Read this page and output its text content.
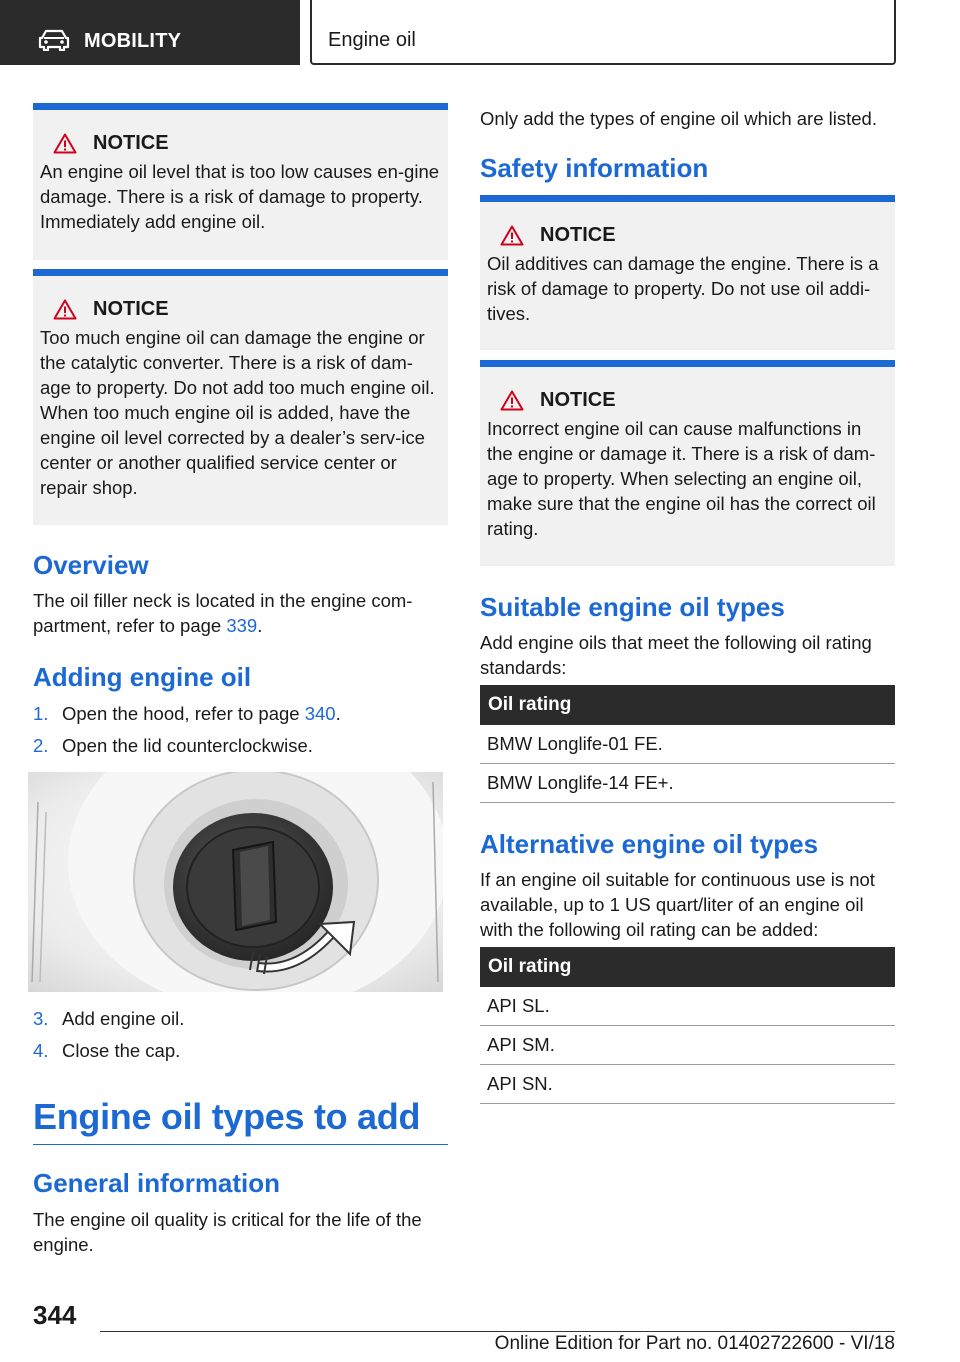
MOBILITY	Engine oil
NOTICE

An engine oil level that is too low causes en‐gine damage. There is a risk of damage to property. Immediately add engine oil.

NOTICE

Too much engine oil can damage the engine or the catalytic converter. There is a risk of dam‐age to property. Do not add too much engine oil. When too much engine oil is added, have the engine oil level corrected by a dealer’s serv‐ice center or another qualified service center or repair shop.

Overview
The oil filler neck is located in the engine com‐partment, refer to page 339.
Adding engine oil
1. Open the hood, refer to page 340.
2. Open the lid counterclockwise.
3. Add engine oil.
4. Close the cap.
Engine oil types to add
General information
The engine oil quality is critical for the life of the engine.
Only add the types of engine oil which are listed.
Safety information
NOTICE

Oil additives can damage the engine. There is a risk of damage to property. Do not use oil addi‐tives.

NOTICE

Incorrect engine oil can cause malfunctions in the engine or damage it. There is a risk of dam‐age to property. When selecting an engine oil, make sure that the engine oil has the correct oil rating.

Suitable engine oil types
Add engine oils that meet the following oil rating standards:
Oil rating
BMW Longlife-01 FE.
BMW Longlife-14 FE+.
Alternative engine oil types
If an engine oil suitable for continuous use is not available, up to 1 US quart/liter of an engine oil with the following oil rating can be added:
Oil rating
API SL.
API SM.
API SN.
344
Online Edition for Part no. 01402722600 - VI/18
